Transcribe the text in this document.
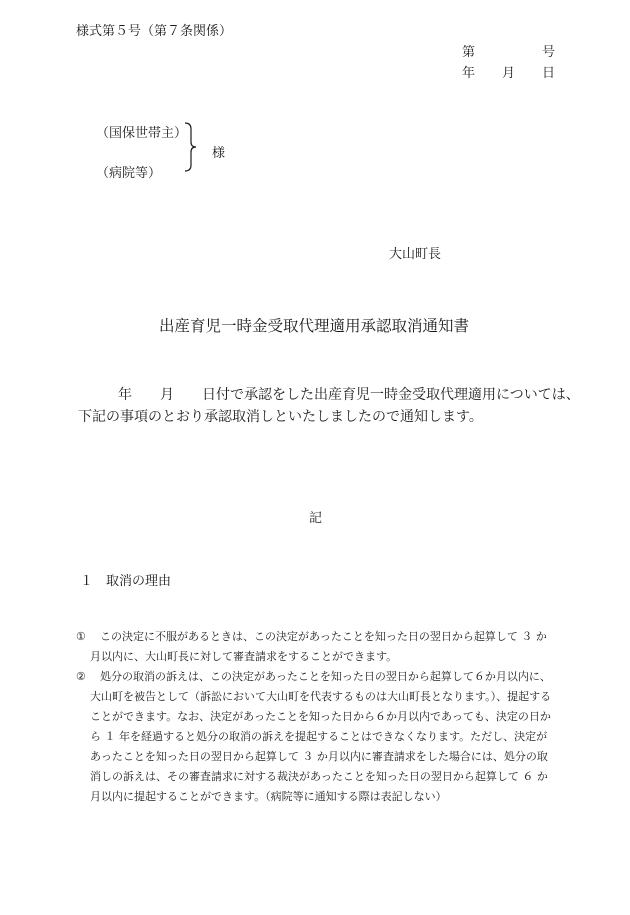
様式第５号（第７条関係）
第号
年月日
（国保世帯主）
（病院等）
様
大山町長
出産育児一時金受取代理適用承認取消通知書
年 月 日付で承認をした出産育児一時金受取代理適用については、
下記の事項のとおり承認取消しといたしましたので通知します。
記
１　取消の理由
①	この決定に不服があるときは、この決定があったことを知った日の翌日から起算して ３ か
月以内に、大山町長に対して審査請求をすることができます。
②	処分の取消の訴えは、この決定があったことを知った日の翌日から起算して６か月以内に、
大山町を被告として（訴訟において大山町を代表するものは大山町長となります。）、提起する
ことができます。なお、決定があったことを知った日から６か月以内であっても、決定の日か
ら １ 年を経過すると処分の取消の訴えを提起することはできなくなります。ただし、決定が
あったことを知った日の翌日から起算して ３ か月以内に審査請求をした場合には、処分の取
消しの訴えは、その審査請求に対する裁決があったことを知った日の翌日から起算して ６ か
月以内に提起することができます。（病院等に通知する際は表記しない）
